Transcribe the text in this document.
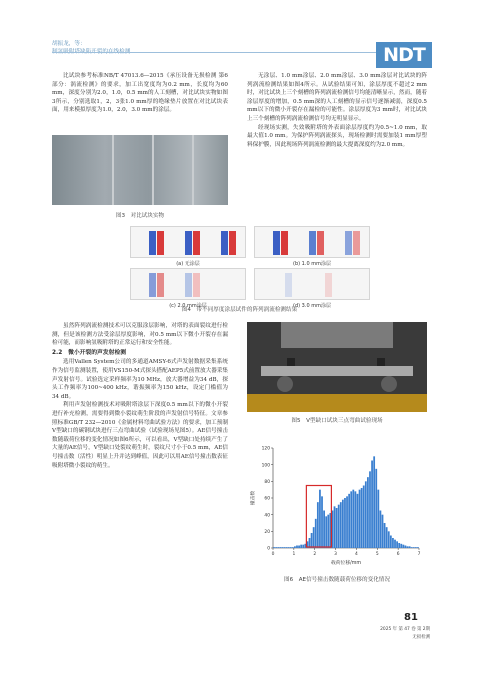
胡振龙，等：
制氢吸附塔缺陷开裂的在线检测	NDT

比试块参考标准NB/T 47013.6—2015《承压设备无损检测 第6部分：涡流检测》的要求，加工出宽度均为0.2 mm，长度均为60 mm，深度分别为2.0，1.0，0.5 mm的人工刻槽，对比试块实物如图3所示，分别选取1，2，3张1.0 mm厚的绝缘垫片放置在对比试块表面，用来模拟厚度为1.0，2.0，3.0 mm的涂层。

图3　对比试块实物

无涂层、1.0 mm涂层、2.0 mm涂层、3.0 mm涂层对比试块的阵列涡流检测结果如图4所示。从试验结果可知，涂层厚度不超过2 mm时，对比试块上三个刻槽的阵列涡流检测信号均能清晰显示，然而，随着涂层厚度的增加，0.5 mm深的人工刻槽的显示信号逐渐减弱，深度0.5 mm以下的微小开裂存在漏检的可能性。涂层厚度为3 mm时，对比试块上三个刻槽的阵列涡流检测信号均无明显显示。

经现场实测，失效吸附塔的外表面涂层厚度约为0.5~1.0 mm，取最大值1.0 mm。为保护阵列涡流探头，现场检测时需要加装1 mm厚塑料保护膜，因此现场阵列涡流检测的最大提离深度约为2.0 mm。

(a) 无涂层	(b) 1.0 mm涂层
(c) 2.0 mm涂层	(d) 3.0 mm涂层
图4　带不同厚度涂层试件的阵列涡流检测结果

虽然阵列涡流检测技术可以克服涂层影响，对塔的表面裂纹进行检测，但是该检测方法受涂层厚度影响，对0.5 mm以下微小开裂存在漏检可能，而影响氢吸附塔的正常运行和安全性能。

2.2　微小开裂的声发射检测

选用Vallen System公司的多通道AMSY-6式声发射数据采集系统作为信号监测装置，使用VS150-M式探头搭配AEP5式前置放大器采集声发射信号。试验选定采样频率为10 MHz，放大器增益为34 dB，探头工作频率为100~400 kHz，谐振频率为150 kHz，设定门槛值为34 dB。

利用声发射检测技术对吸附塔涂层下深度0.5 mm以下的微小开裂进行补充检测，需要得到微小裂纹萌生阶段的声发射信号特征。文章参照标准GB/T 232—2010《金属材料弯曲试验方法》的要求，加工预制V型缺口的碳钢试块进行三点弯曲试验（试验现场见图5）。AE信号撞击数随载荷位移的变化情况如图6所示，可以看出，V型缺口处持续产生了大量的AE信号，V型缺口处裂纹萌生时，裂纹尺寸小于0.5 mm，AE信号撞击数（活性）明显上升并达到峰值，因此可以用AE信号撞击数表征吸附塔微小裂纹的萌生。

图5　V型缺口试块三点弯曲试验现场
0
20
40
60
80
100
120
0	1	2	3	4	5	6	7
载荷位移/mm
撞击数
图6　AE信号撞击数随载荷位移的变化情况
81
2025 年 第 47 卷 第 2期
无损检测
